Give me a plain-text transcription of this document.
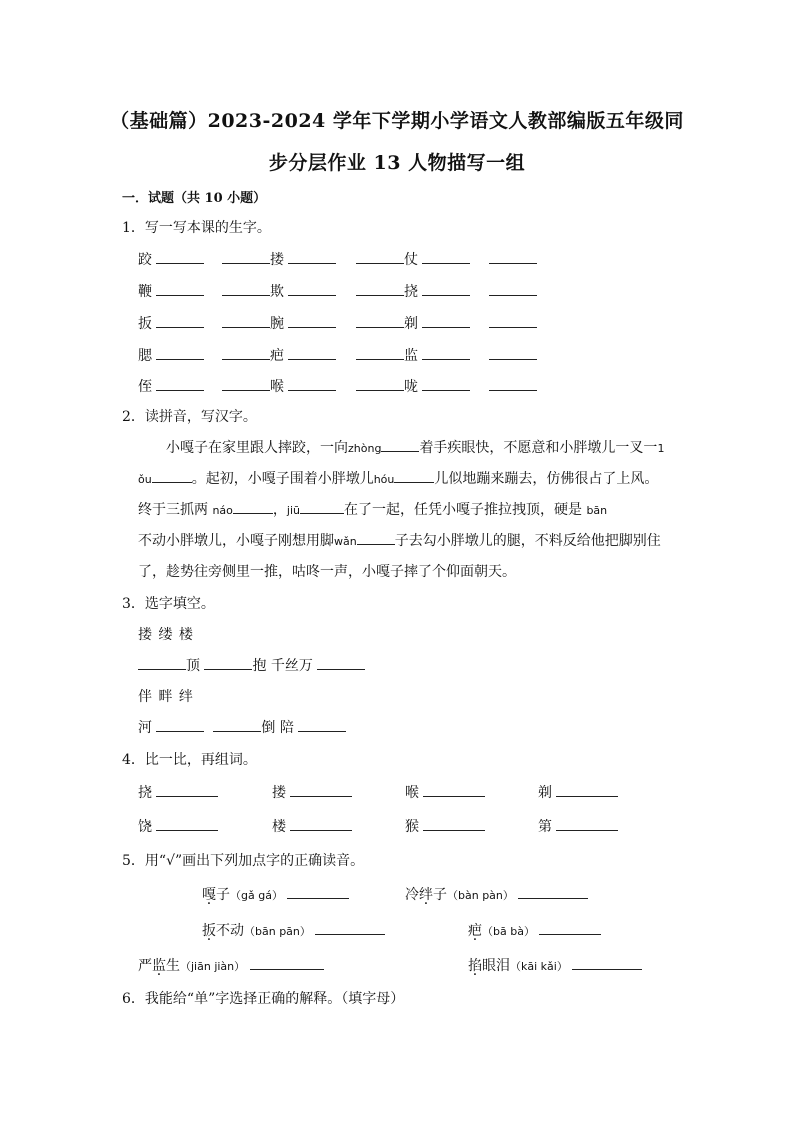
（基础篇）2023-2024 学年下学期小学语文人教部编版五年级同
步分层作业 13 人物描写一组
一．试题（共 10 小题）
1．写一写本课的生字。
跤	搂	仗
鞭	欺	挠
扳	腕	剃
腮	疤	监
侄	喉	咙
2．读拼音，写汉字。
小嘎子在家里跟人摔跤，一向zhòng	着手疾眼快，不愿意和小胖墩儿一叉一1
ǒu	。起初，小嘎子围着小胖墩儿hóu	儿似地蹦来蹦去，仿佛很占了上风。
终于三抓两 náo	，jiū	在了一起，任凭小嘎子推拉拽顶，硬是 bān
不动小胖墩儿，小嘎子刚想用脚wǎn	子去勾小胖墩儿的腿，不料反给他把脚别住
了，趁势往旁侧里一推，咕咚一声，小嘎子摔了个仰面朝天。
3．选字填空。
搂 缕 楼
顶	抱 千丝万
伴 畔 绊
河	倒 陪
4．比一比，再组词。
挠	搂	喉	剃
饶	楼	猴	第
5．用“√”画出下列加点字的正确读音。
嘎子（gǎ gá）	冷绊子（bàn pàn）
扳不动（bān pān）	疤（bā bà）
严监生（jiān jiàn）	掐眼泪（kāi kǎi）
6．我能给“单”字选择正确的解释。（填字母）
